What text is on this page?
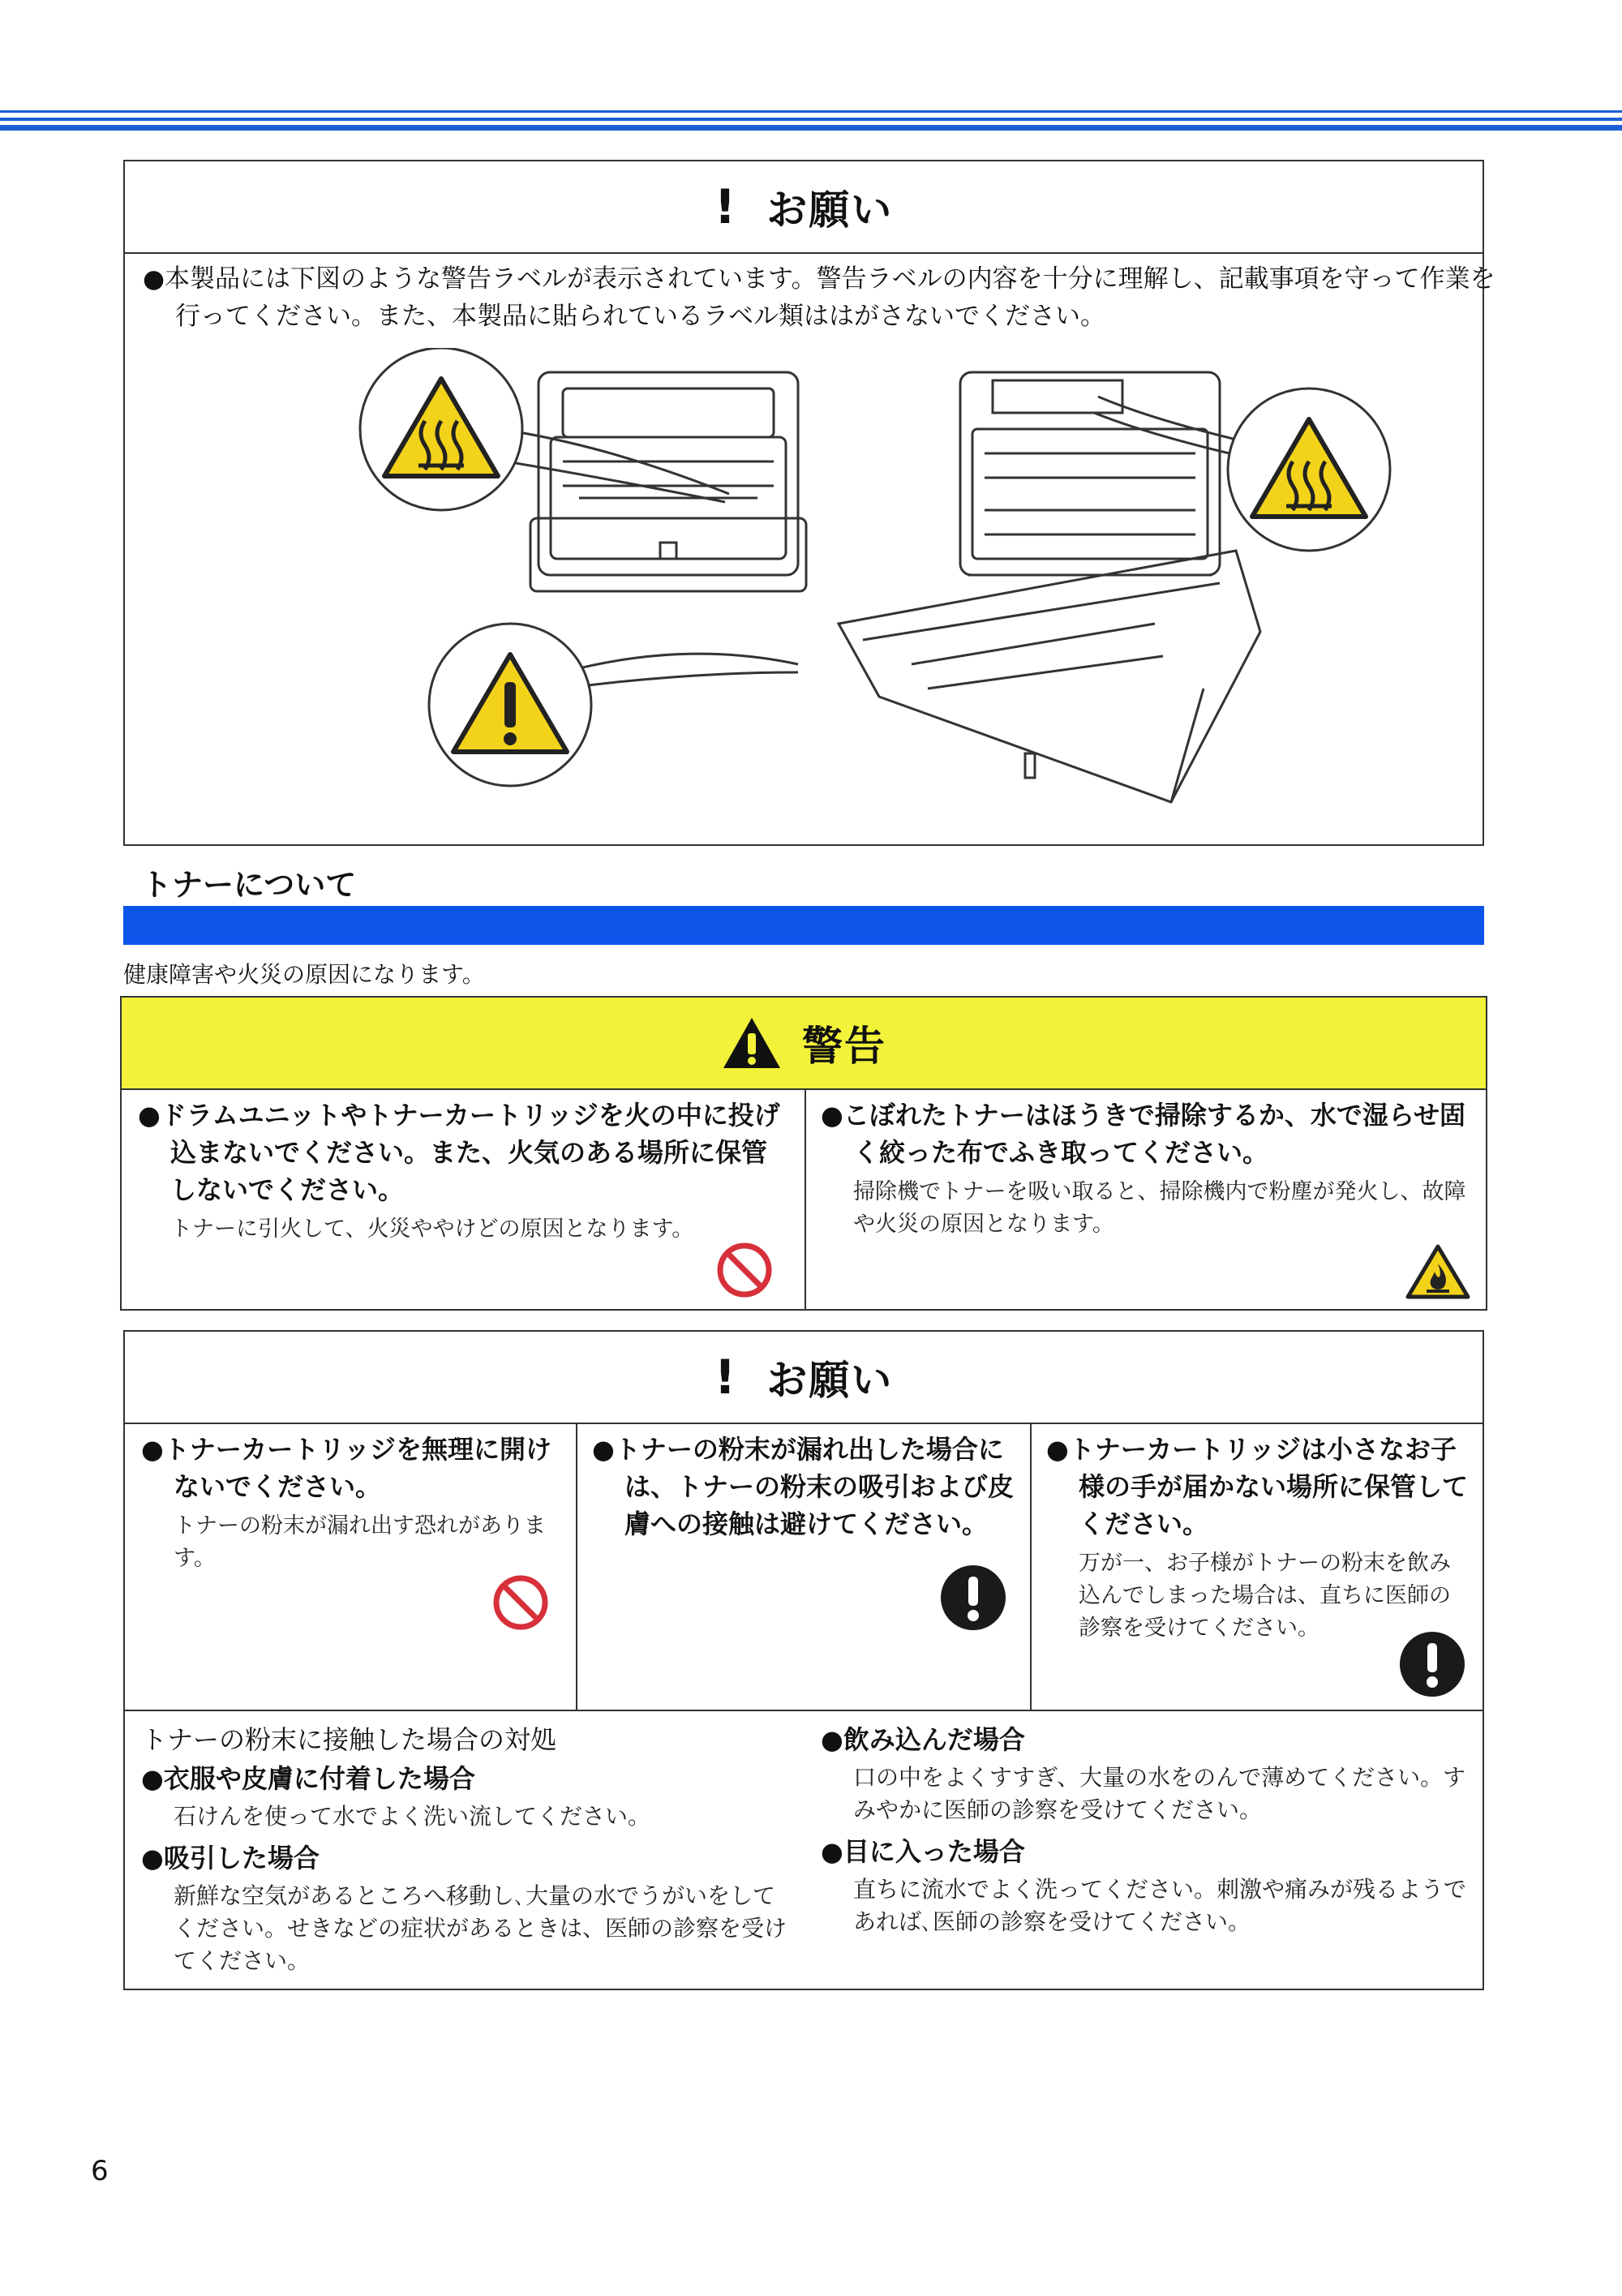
! お願い
●本製品には下図のような警告ラベルが表示されています。警告ラベルの内容を十分に理解し、記載事項を守って作業を行ってください。また、本製品に貼られているラベル類ははがさないでください。
トナーについて
健康障害や火災の原因になります。
警告
●ドラムユニットやトナーカートリッジを火の中に投げ込まないでください。また、火気のある場所に保管しないでください。
トナーに引火して、火災ややけどの原因となります。
●こぼれたトナーはほうきで掃除するか、水で湿らせ固く絞った布でふき取ってください。
掃除機でトナーを吸い取ると、掃除機内で粉塵が発火し、故障や火災の原因となります。
! お願い
●トナーカートリッジを無理に開けないでください。
トナーの粉末が漏れ出す恐れがあります。
●トナーの粉末が漏れ出した場合には、トナーの粉末の吸引および皮膚への接触は避けてください。
●トナーカートリッジは小さなお子様の手が届かない場所に保管してください。
万が一、お子様がトナーの粉末を飲み込んでしまった場合は、直ちに医師の診察を受けてください。
トナーの粉末に接触した場合の対処
●衣服や皮膚に付着した場合
石けんを使って水でよく洗い流してください。
●吸引した場合
新鮮な空気があるところへ移動し､大量の水でうがいをしてください。せきなどの症状があるときは、医師の診察を受けてください。
●飲み込んだ場合
口の中をよくすすぎ、大量の水をのんで薄めてください。すみやかに医師の診察を受けてください。
●目に入った場合
直ちに流水でよく洗ってください。刺激や痛みが残るようであれば､医師の診察を受けてください。
6
